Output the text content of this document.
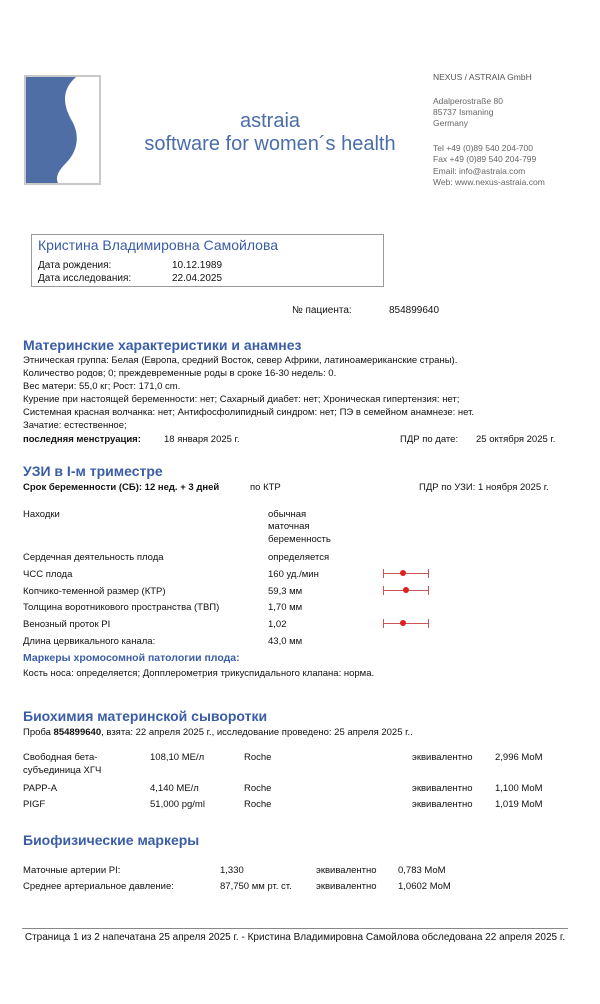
astraia
software for women´s health
NEXUS / ASTRAIA GmbH
Adalperostraße 80
85737 Ismaning
Germany
Tel +49 (0)89 540 204-700
Fax +49 (0)89 540 204-799
Email: info@astraia.com
Web: www.nexus-astraia.com
Кристина Владимировна Самойлова
Дата рождения:	10.12.1989
Дата исследования:	22.04.2025
№ пациента:	854899640
Материнские характеристики и анамнез
Этническая группа: Белая (Европа, средний Восток, север Африки, латиноамериканские страны).
Количество родов; 0; преждевременные роды в сроке 16-30 недель: 0.
Вес матери: 55,0 кг; Рост: 171,0 cm.
Курение при настоящей беременности: нет; Сахарный диабет: нет; Хроническая гипертензия: нет;
Системная красная волчанка: нет; Антифосфолипидный синдром: нет; ПЭ в семейном анамнезе: нет.
Зачатие: естественное;
последняя менструация: 18 января 2025 г.	ПДР по дате: 25 октября 2025 г.
УЗИ в I-м триместре
Срок беременности (СБ): 12 нед. + 3 дней	по КТР	ПДР по УЗИ: 1 ноября 2025 г.
Находки	обычная
маточная
беременность
Сердечная деятельность плода	определяется
ЧСС плода	160 уд./мин
Копчико-теменной размер (КТР)	59,3 мм
Толщина воротникового пространства (ТВП)	1,70 мм
Венозный проток PI	1,02
Длина цервикального канала:	43,0 мм
Маркеры хромосомной патологии плода:
Кость носа: определяется; Допплерометрия трикуспидального клапана: норма.
Биохимия материнской сыворотки
Проба 854899640, взята: 22 апреля 2025 г., исследование проведено: 25 апреля 2025 г..
Свободная бета-
субъединица ХГЧ
108,10 МЕ/л	Roche	эквивалентно 2,996 MoM
PAPP-A	4,140 МЕ/л	Roche	эквивалентно 1,100 MoM
PIGF	51,000 pg/ml	Roche	эквивалентно 1,019 MoM
Биофизические маркеры
Маточные артерии PI:	1,330	эквивалентно 0,783 MoM
Среднее артериальное давление:	87,750 мм рт. ст.	эквивалентно 1,0602 MoM
Страница 1 из 2 напечатана 25 апреля 2025 г. - Кристина Владимировна Самойлова обследована 22 апреля 2025 г.
